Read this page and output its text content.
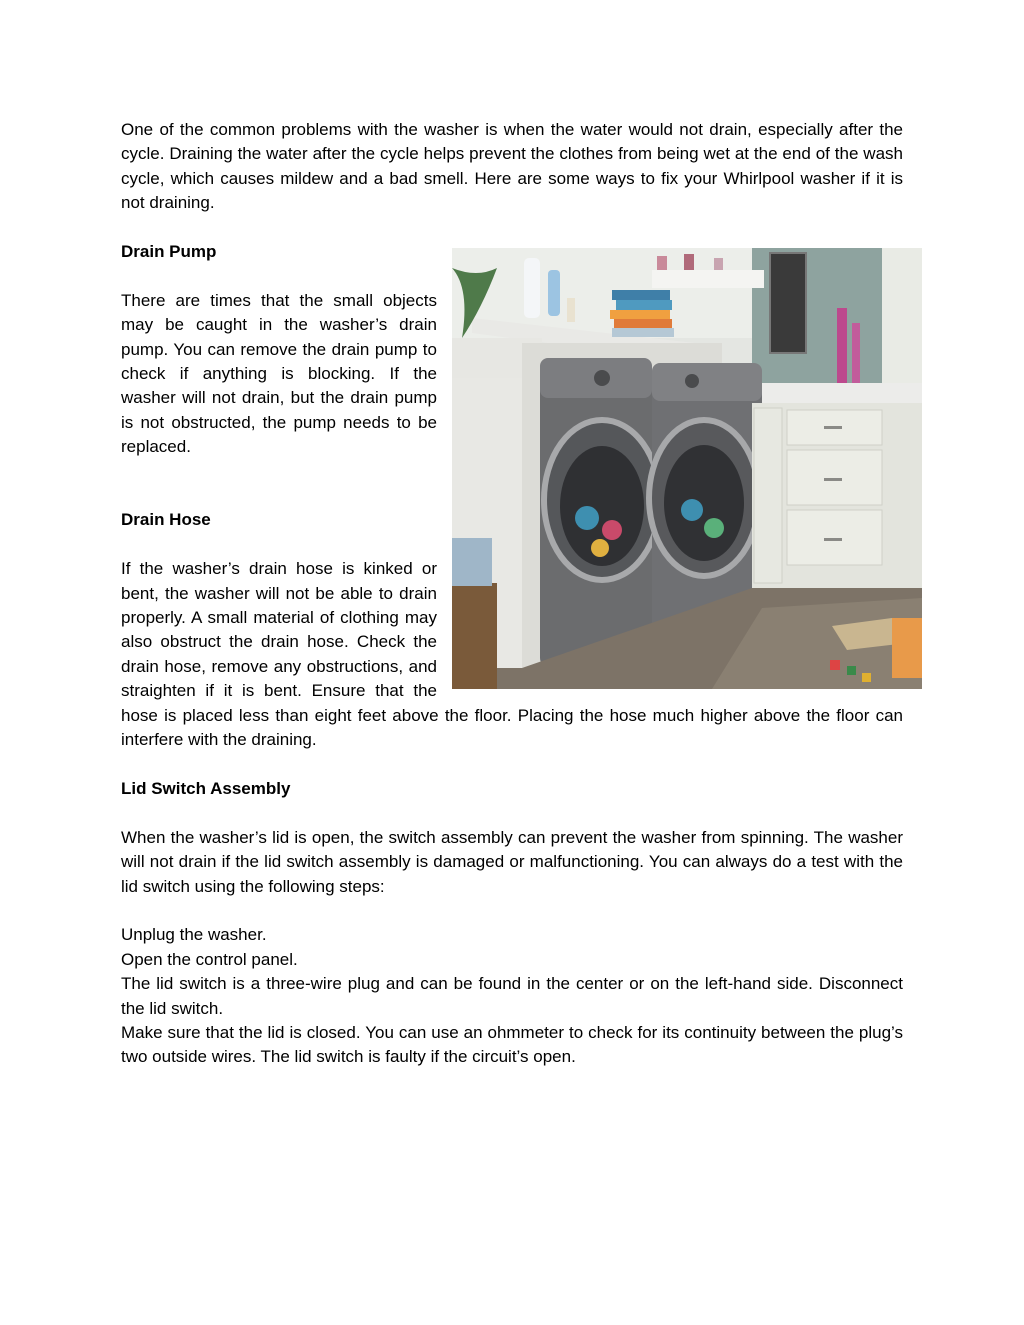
One of the common problems with the washer is when the water would not drain, especially after the cycle. Draining the water after the cycle helps prevent the clothes from being wet at the end of the wash cycle, which causes mildew and a bad smell. Here are some ways to fix your Whirlpool washer if it is not draining.

Drain Pump

There are times that the small objects may be caught in the washer’s drain pump. You can remove the drain pump to check if anything is blocking. If the washer will not drain, but the drain pump is not obstructed, the pump needs to be replaced.

Drain Hose

If the washer’s drain hose is kinked or bent, the washer will not be able to drain properly. A small material of clothing may also obstruct the drain hose. Check the drain hose, remove any obstructions, and straighten if it is bent. Ensure that the hose is placed less than eight feet above the floor. Placing the hose much higher above the floor can interfere with the draining.

Lid Switch Assembly

When the washer’s lid is open, the switch assembly can prevent the washer from spinning. The washer will not drain if the lid switch assembly is damaged or malfunctioning. You can always do a test with the lid switch using the following steps:

Unplug the washer.

Open the control panel.

The lid switch is a three-wire plug and can be found in the center or on the left-hand side. Disconnect the lid switch.

Make sure that the lid is closed. You can use an ohmmeter to check for its continuity between the plug’s two outside wires. The lid switch is faulty if the circuit’s open.
